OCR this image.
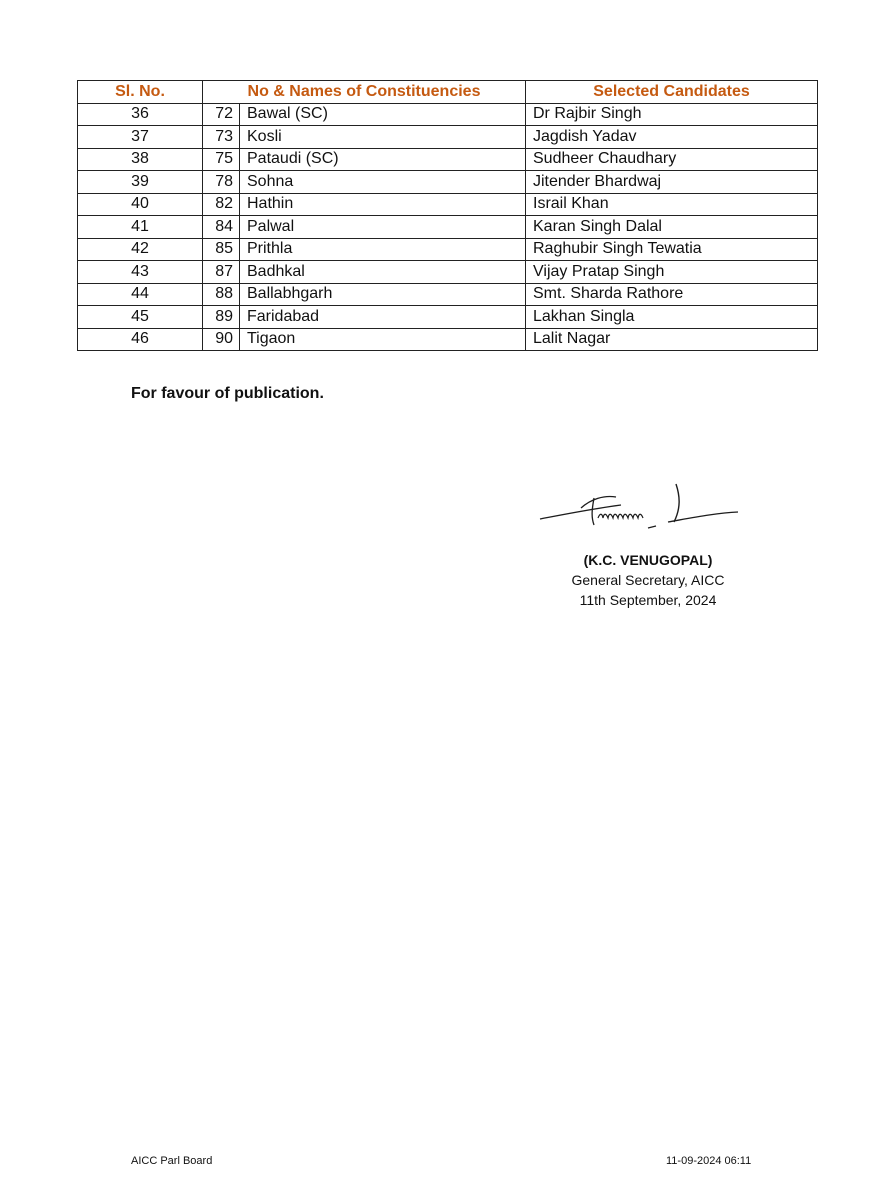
Sl. No.	No & Names of Constituencies		Selected Candidates
36	72	Bawal (SC)	Dr Rajbir Singh
37	73	Kosli	Jagdish Yadav
38	75	Pataudi (SC)	Sudheer Chaudhary
39	78	Sohna	Jitender Bhardwaj
40	82	Hathin	Israil Khan
41	84	Palwal	Karan Singh Dalal
42	85	Prithla	Raghubir Singh Tewatia
43	87	Badhkal	Vijay Pratap Singh
44	88	Ballabhgarh	Smt. Sharda Rathore
45	89	Faridabad	Lakhan Singla
46	90	Tigaon	Lalit Nagar
For favour of publication.
(K.C. VENUGOPAL)
General Secretary, AICC
11th September, 2024
AICC Parl Board	11-09-2024 06:11
